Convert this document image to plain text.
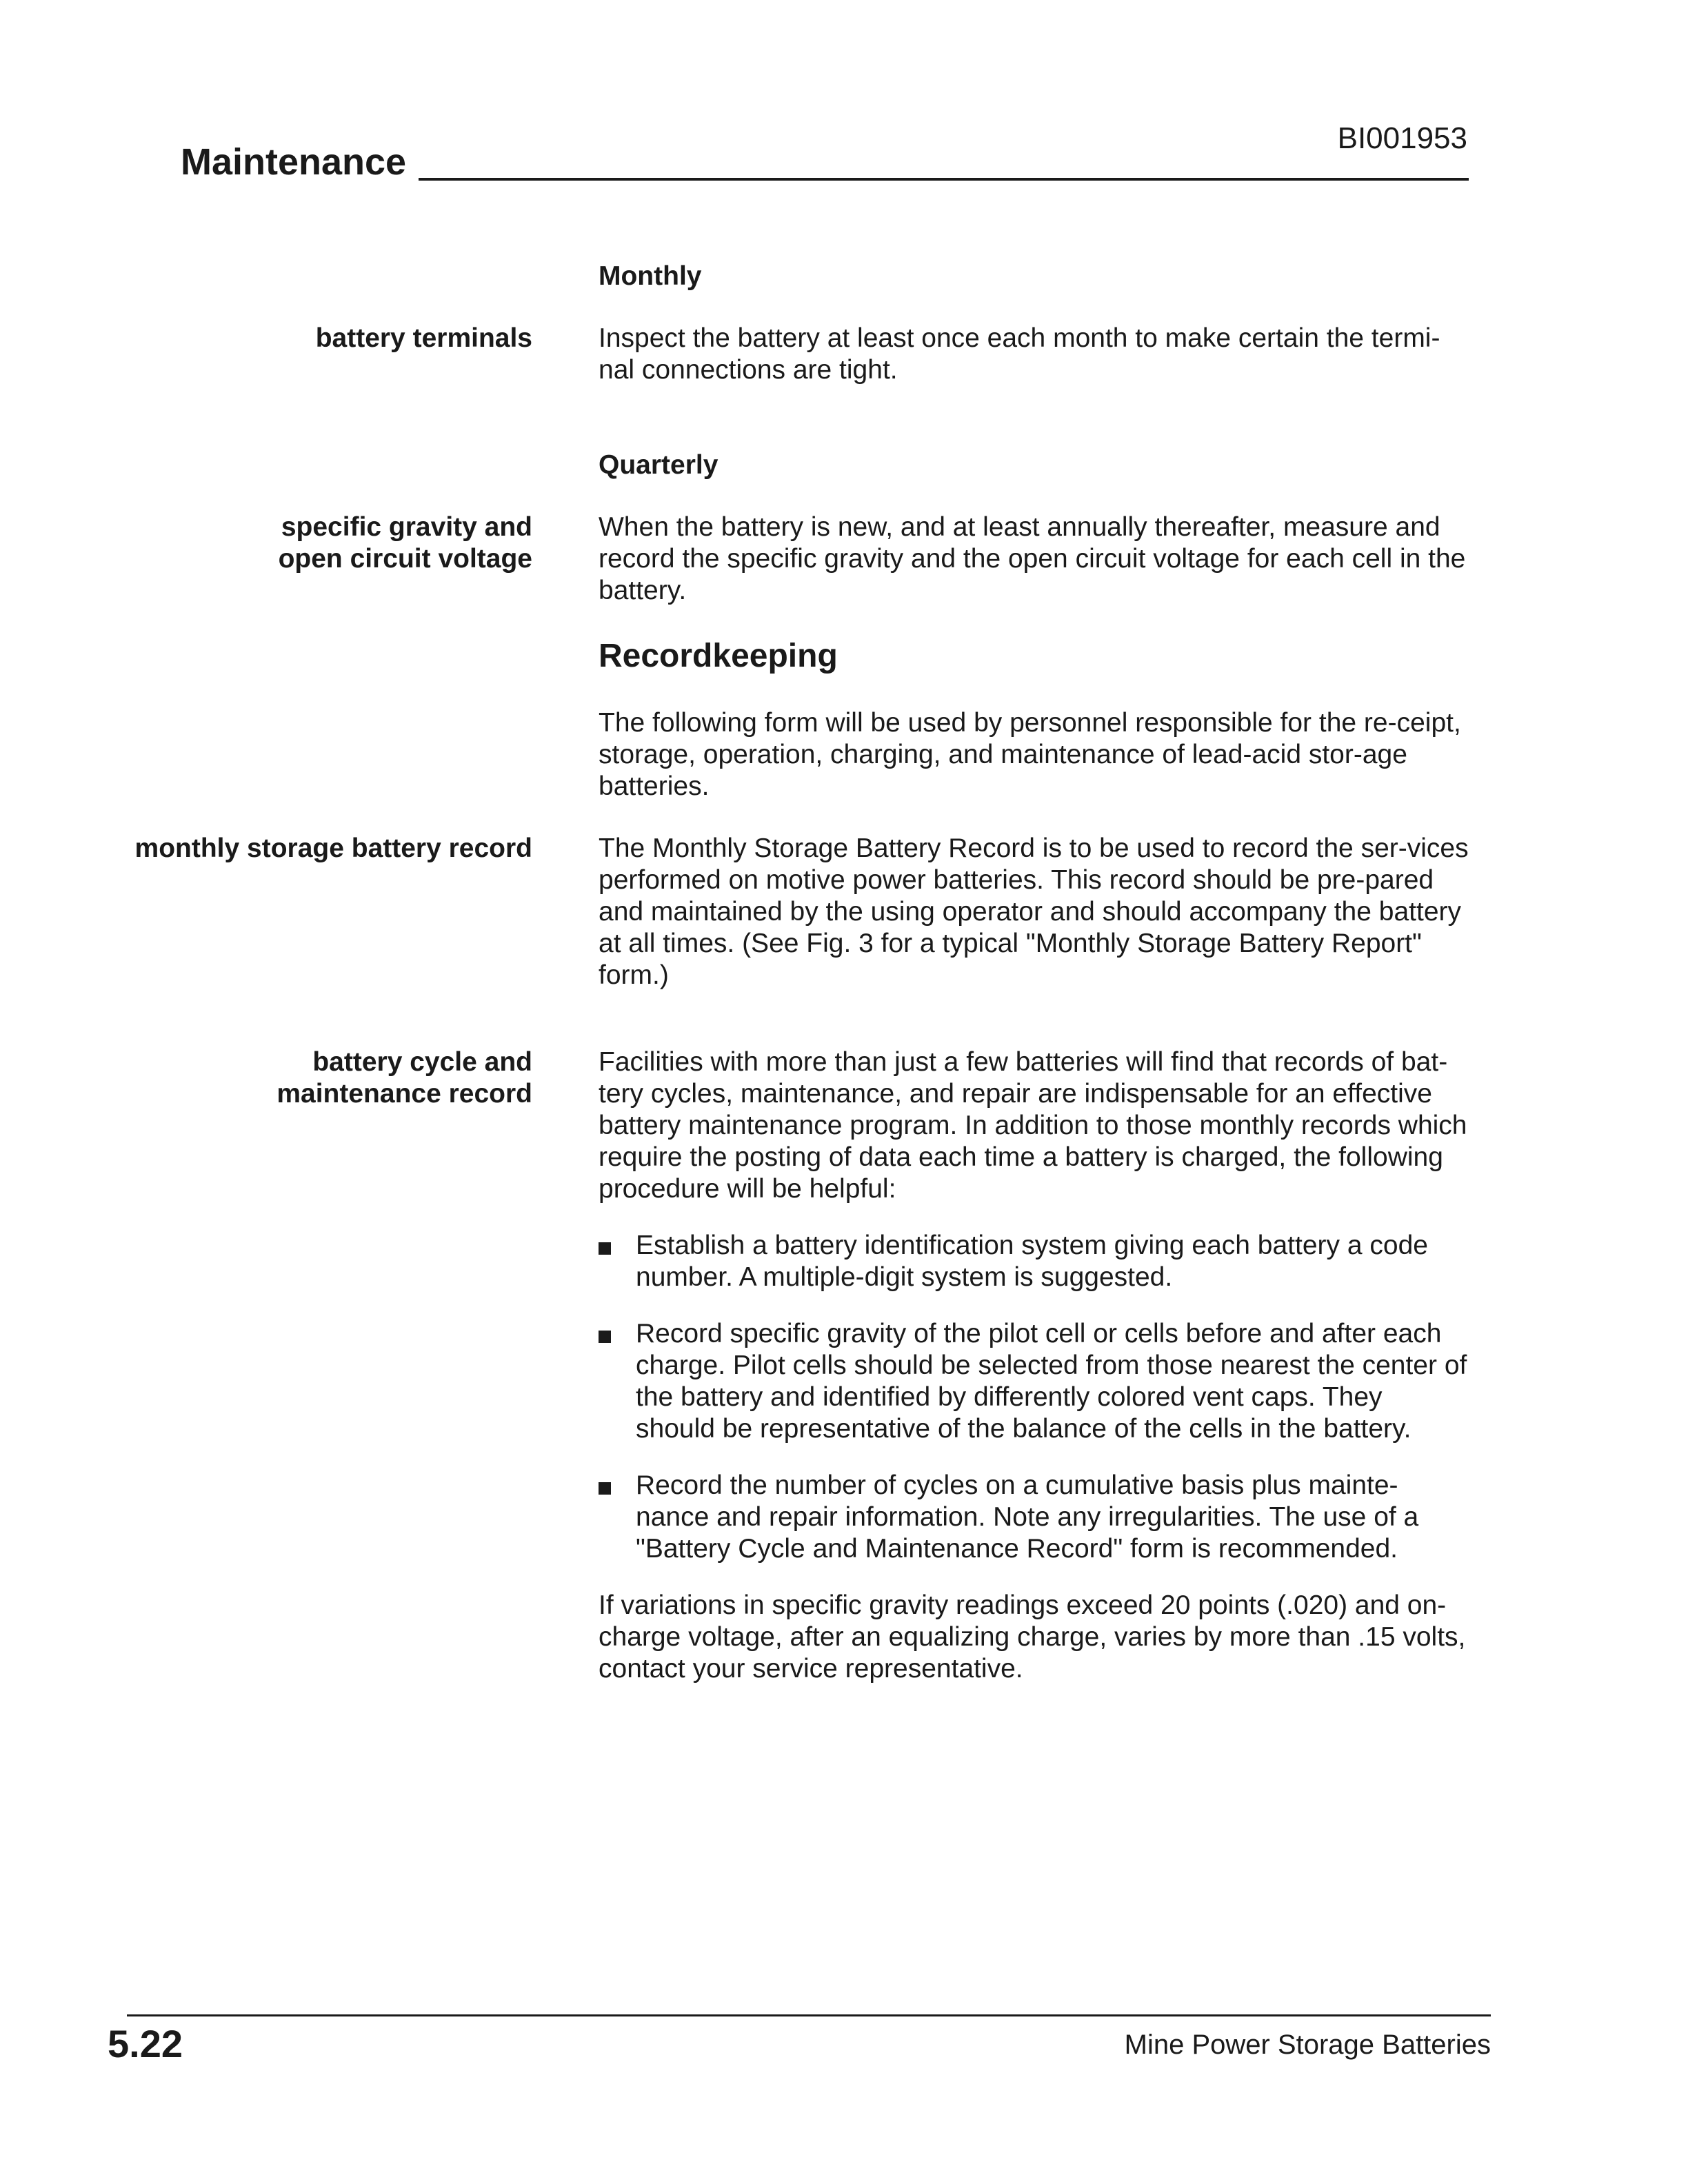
BI001953
Maintenance
Monthly
battery terminals Inspect the battery at least once each month to make certain the termi-nal connections are tight.
Quarterly
specific gravity and
open circuit voltage
When the battery is new, and at least annually thereafter, measure and record the specific gravity and the open circuit voltage for each cell in the battery.
Recordkeeping
The following form will be used by personnel responsible for the re-ceipt, storage, operation, charging, and maintenance of lead-acid stor-age batteries.
monthly storage battery record The Monthly Storage Battery Record is to be used to record the ser-vices performed on motive power batteries. This record should be pre-pared and maintained by the using operator and should accompany the battery at all times. (See Fig. 3 for a typical "Monthly Storage Battery Report" form.)
battery cycle and
maintenance record

Facilities with more than just a few batteries will find that records of bat-tery cycles, maintenance, and repair are indispensable for an effective battery maintenance program. In addition to those monthly records which require the posting of data each time a battery is charged, the following procedure will be helpful:

Establish a battery identification system giving each battery a code number. A multiple-digit system is suggested.
Record specific gravity of the pilot cell or cells before and after each charge. Pilot cells should be selected from those nearest the center of the battery and identified by differently colored vent caps. They should be representative of the balance of the cells in the battery.
Record the number of cycles on a cumulative basis plus mainte-nance and repair information. Note any irregularities. The use of a "Battery Cycle and Maintenance Record" form is recommended.

If variations in specific gravity readings exceed 20 points (.020) and on-charge voltage, after an equalizing charge, varies by more than .15 volts, contact your service representative.

5.22	Mine Power Storage Batteries
